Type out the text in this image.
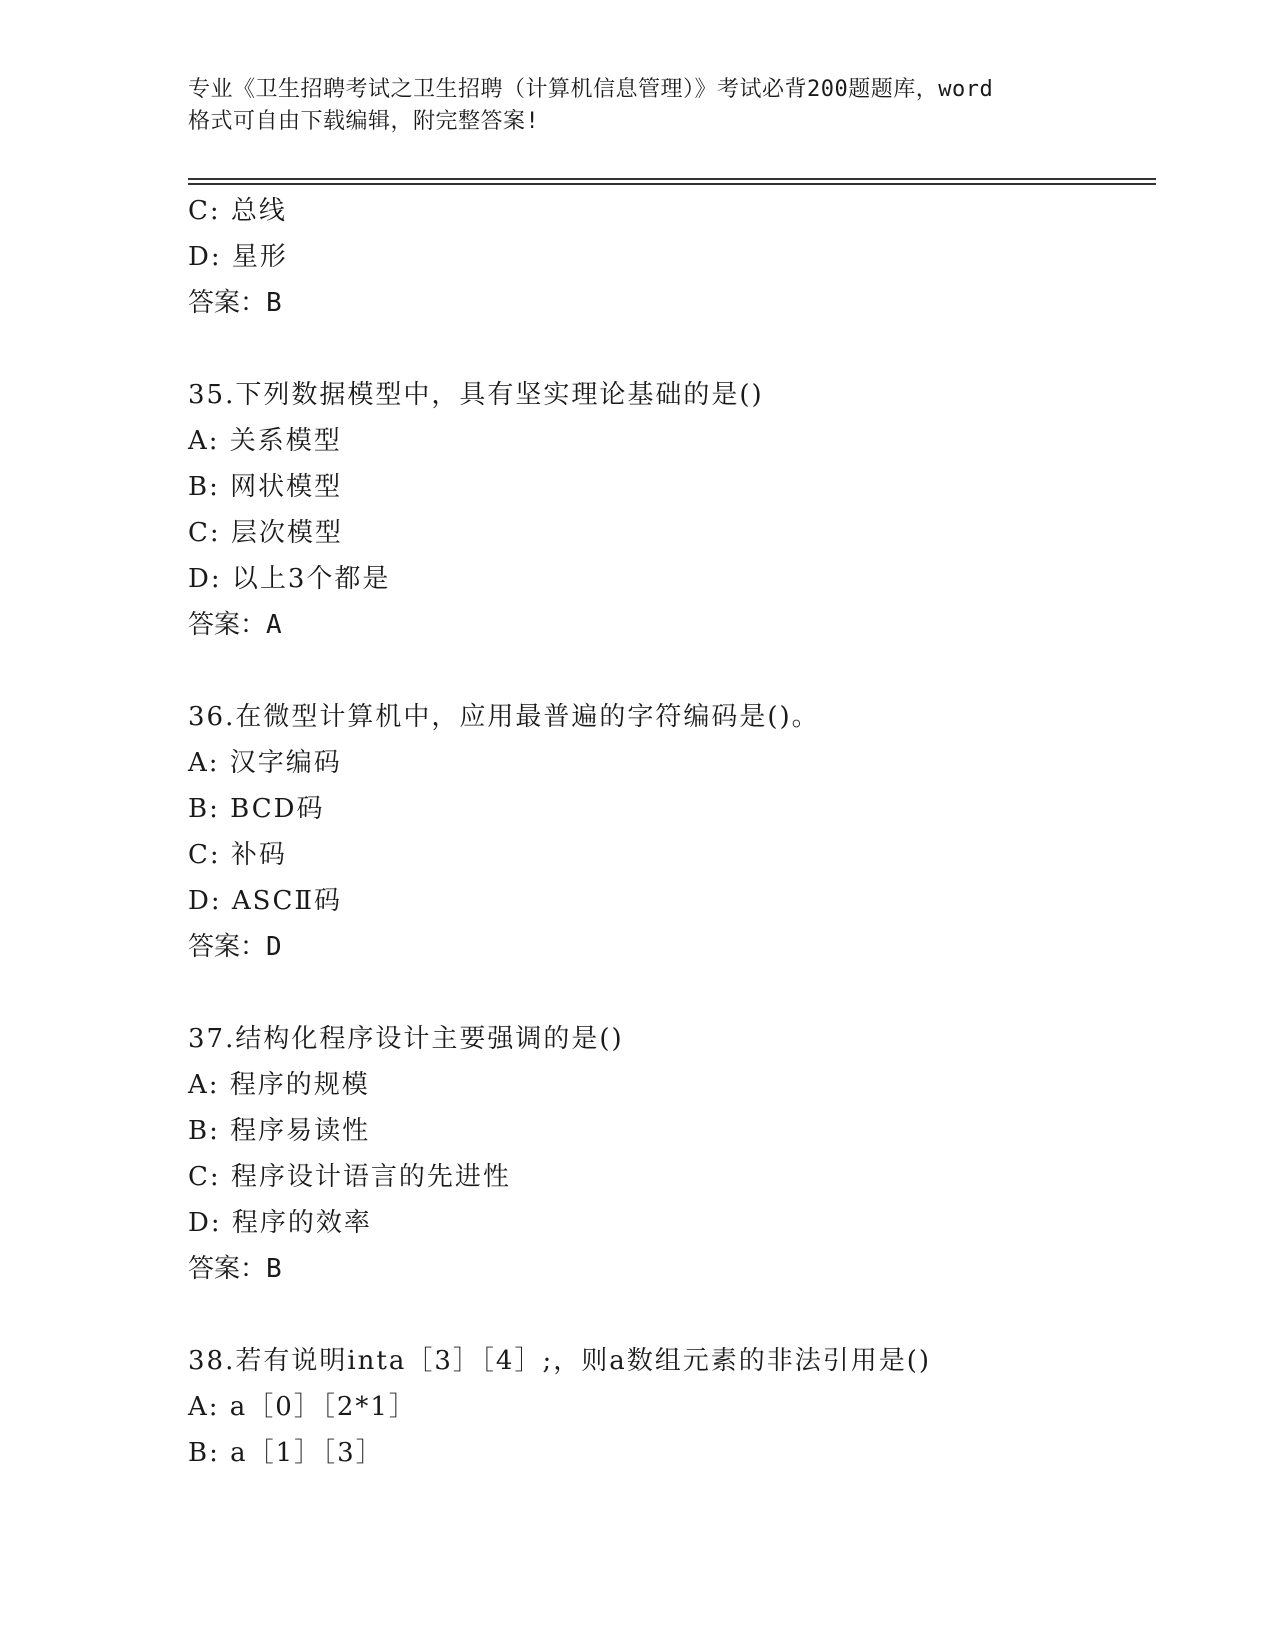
专业《卫生招聘考试之卫生招聘（计算机信息管理）》考试必背200题题库，word
格式可自由下载编辑，附完整答案!
C: 总线
D: 星形
答案：B
35.下列数据模型中，具有坚实理论基础的是()
A: 关系模型
B: 网状模型
C: 层次模型
D: 以上3个都是
答案：A
36.在微型计算机中，应用最普遍的字符编码是()。
A: 汉字编码
B: BCD码
C: 补码
D: ASCⅡ码
答案：D
37.结构化程序设计主要强调的是()
A: 程序的规模
B: 程序易读性
C: 程序设计语言的先进性
D: 程序的效率
答案：B
38.若有说明inta［3］［4］;，则a数组元素的非法引用是()
A: a［0］［2*1］
B: a［1］［3］
